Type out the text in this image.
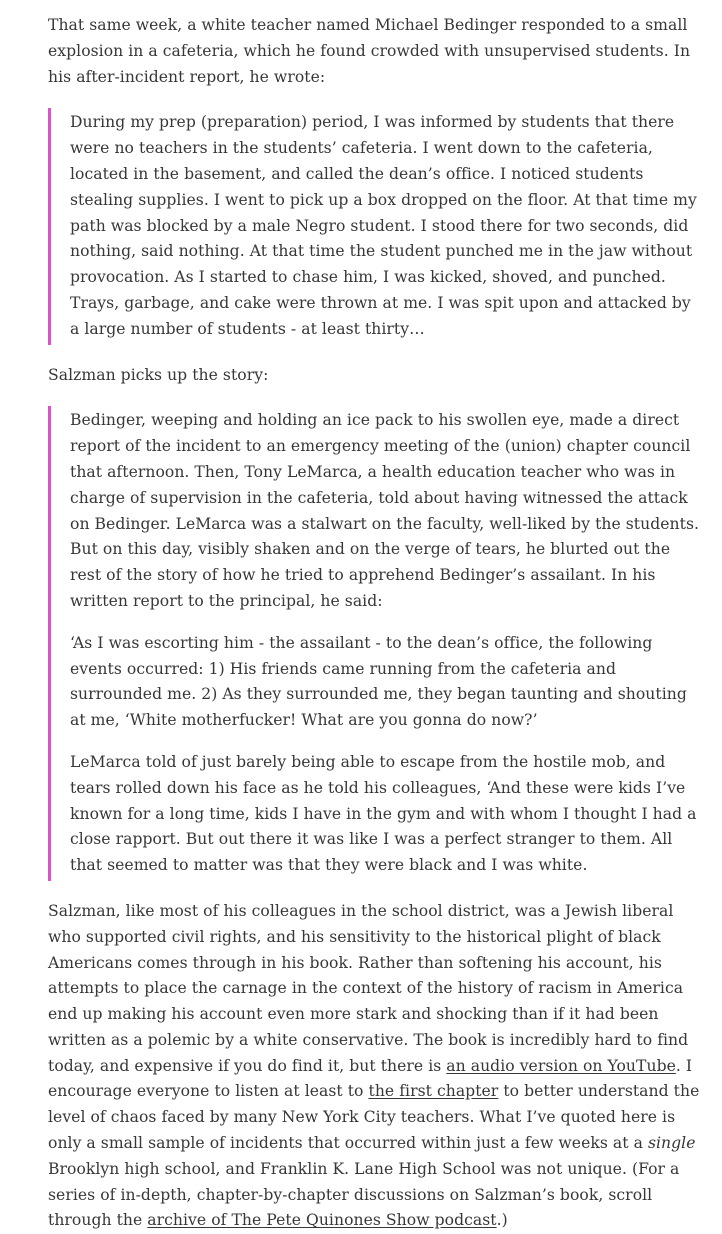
That same week, a white teacher named Michael Bedinger responded to a small explosion in a cafeteria, which he found crowded with unsupervised students. In his after-incident report, he wrote:

During my prep (preparation) period, I was informed by students that there were no teachers in the students’ cafeteria. I went down to the cafeteria, located in the basement, and called the dean’s office. I noticed students stealing supplies. I went to pick up a box dropped on the floor. At that time my path was blocked by a male Negro student. I stood there for two seconds, did nothing, said nothing. At that time the student punched me in the jaw without provocation. As I started to chase him, I was kicked, shoved, and punched. Trays, garbage, and cake were thrown at me. I was spit upon and attacked by a large number of students - at least thirty…

Salzman picks up the story:

Bedinger, weeping and holding an ice pack to his swollen eye, made a direct report of the incident to an emergency meeting of the (union) chapter council that afternoon. Then, Tony LeMarca, a health education teacher who was in charge of supervision in the cafeteria, told about having witnessed the attack on Bedinger. LeMarca was a stalwart on the faculty, well-liked by the students. But on this day, visibly shaken and on the verge of tears, he blurted out the rest of the story of how he tried to apprehend Bedinger’s assailant. In his written report to the principal, he said:

‘As I was escorting him - the assailant - to the dean’s office, the following events occurred: 1) His friends came running from the cafeteria and surrounded me. 2) As they surrounded me, they began taunting and shouting at me, ‘White motherfucker! What are you gonna do now?’

LeMarca told of just barely being able to escape from the hostile mob, and tears rolled down his face as he told his colleagues, ‘And these were kids I’ve known for a long time, kids I have in the gym and with whom I thought I had a close rapport. But out there it was like I was a perfect stranger to them. All that seemed to matter was that they were black and I was white.

Salzman, like most of his colleagues in the school district, was a Jewish liberal who supported civil rights, and his sensitivity to the historical plight of black Americans comes through in his book. Rather than softening his account, his attempts to place the carnage in the context of the history of racism in America end up making his account even more stark and shocking than if it had been written as a polemic by a white conservative. The book is incredibly hard to find today, and expensive if you do find it, but there is an audio version on YouTube. I encourage everyone to listen at least to the first chapter to better understand the level of chaos faced by many New York City teachers. What I’ve quoted here is only a small sample of incidents that occurred within just a few weeks at a single Brooklyn high school, and Franklin K. Lane High School was not unique. (For a series of in-depth, chapter-by-chapter discussions on Salzman’s book, scroll through the archive of The Pete Quinones Show podcast.)
